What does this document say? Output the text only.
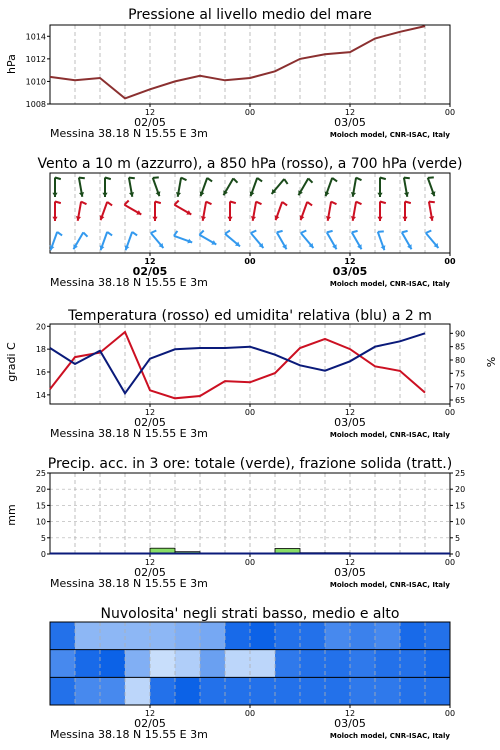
Pressione al livello medio del mare
hPa
Vento a 10 m (azzurro), a 850 hPa (rosso), a 700 hPa (verde)
Temperatura (rosso) ed umidita' relativa (blu) a 2 m
gradi C	%
Precip. acc. in 3 ore: totale (verde), frazione solida (tratt.)
mm
Nuvolosita' negli strati basso, medio e alto
12	00	12	00
02/05	03/05
Messina 38.18 N 15.55 E 3m	Moloch model, CNR-ISAC, Italy
1008
1010
1012
1014
12	00	12	00
02/05	03/05
Messina 38.18 N 15.55 E 3m	Moloch model, CNR-ISAC, Italy
12	00	12	00
02/05	03/05
Messina 38.18 N 15.55 E 3m	Moloch model, CNR-ISAC, Italy
14
16
18
20
65
70
75
80
85
90
12	00	12	00
02/05	03/05
Messina 38.18 N 15.55 E 3m	Moloch model, CNR-ISAC, Italy
0
5
10
15
20
25
0
5
10
15
20
25
12	00	12	00
02/05	03/05
Messina 38.18 N 15.55 E 3m	Moloch model, CNR-ISAC, Italy
